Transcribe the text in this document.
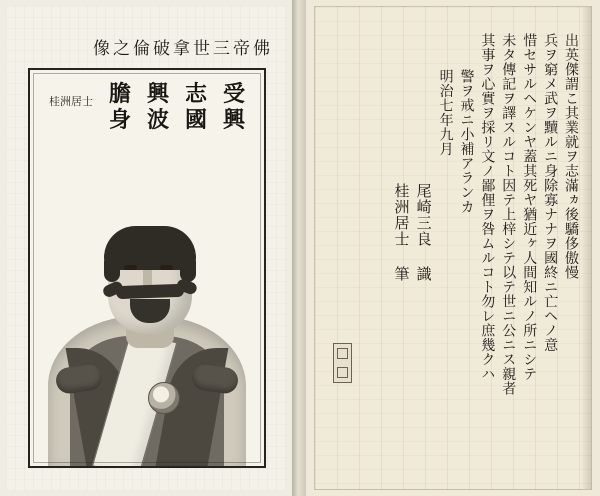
佛
帝
三
世
拿
破
倫
之
像
受
興
志
國
興
波
膽
身
桂洲居士	出英傑謂こ其業就ヲ志滿ヵ後驕侈傲慢
兵ヲ窮メ武ヲ黷ルニ身除寡ナナヲ國終ニ亡ヘノ意
惜セサルヘケンヤ蓋其死ヤ猶近ヶ人間知ルノ所ニシテ
未タ傳記ヲ譯スルコト因テ上梓シテ以テ世ニ公ニス親者
其事ヲ心實ヲ採リ文ノ鄙俚ヲ咎ムルコト勿レ庶幾クハ
警ヲ戒ニ小補アランカ
明治七年九月
尾崎三良 識
桂洲居士 筆
